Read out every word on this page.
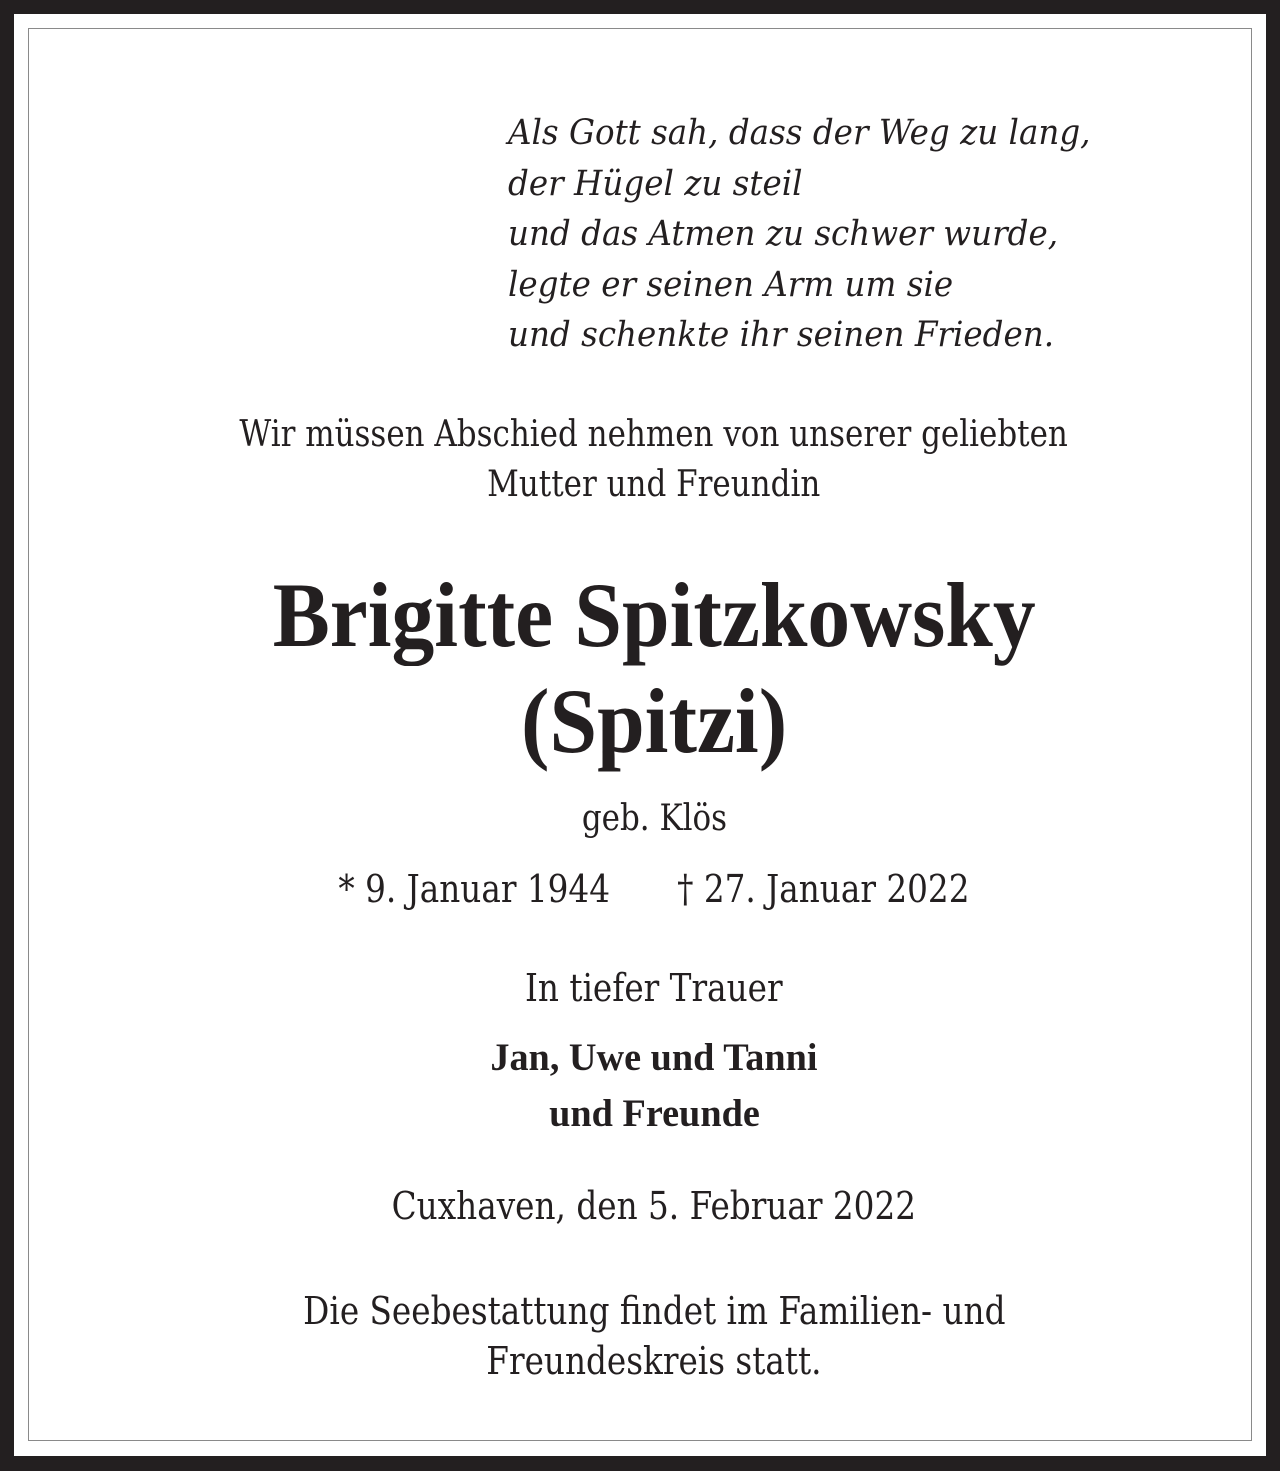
Als Gott sah, dass der Weg zu lang,
der Hügel zu steil
und das Atmen zu schwer wurde,
legte er seinen Arm um sie
und schenkte ihr seinen Frieden.
Wir müssen Abschied nehmen von unserer geliebten
Mutter und Freundin
Brigitte Spitzkowsky
(Spitzi)
geb. Klös
* 9. Januar 1944 † 27. Januar 2022
In tiefer Trauer
Jan, Uwe und Tanni
und Freunde
Cuxhaven, den 5. Februar 2022
Die Seebestattung findet im Familien- und
Freundeskreis statt.
